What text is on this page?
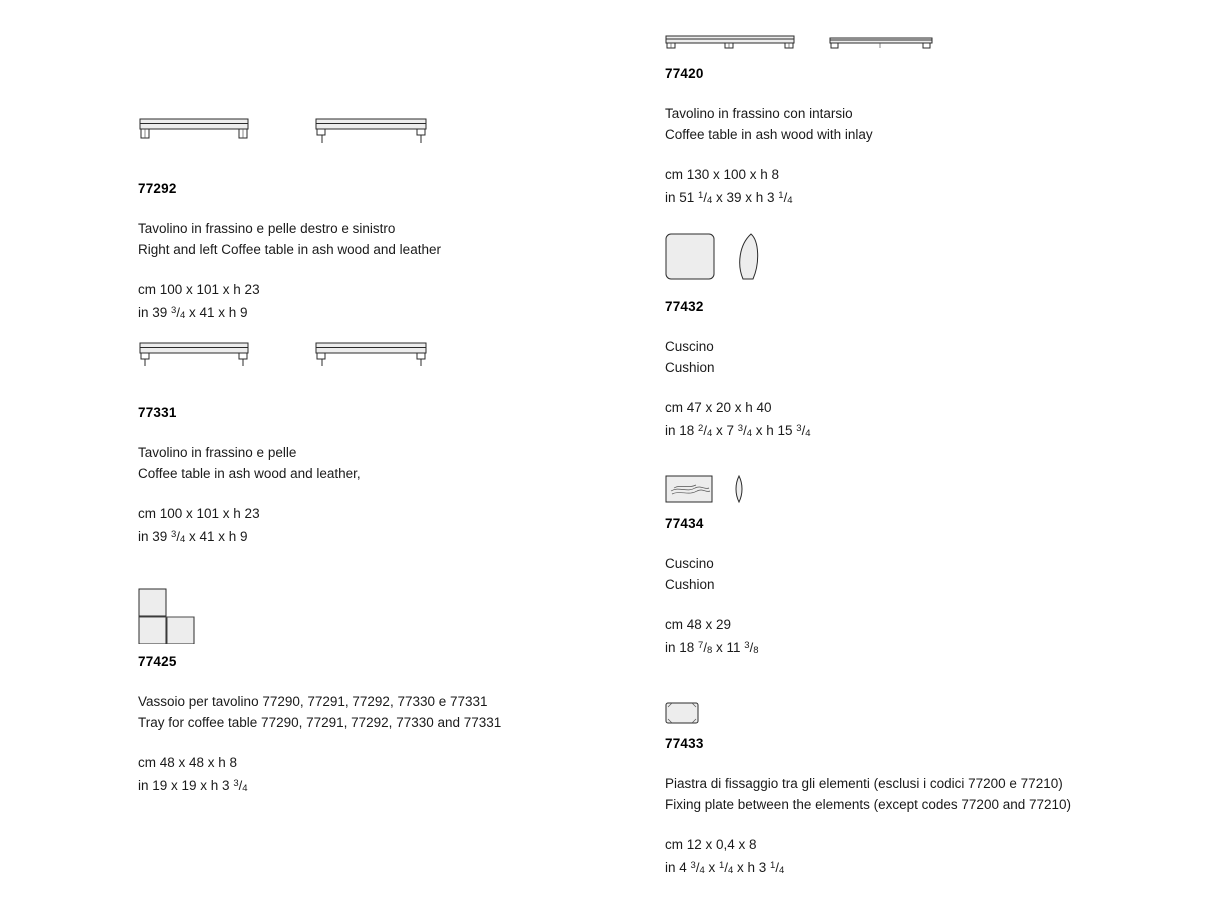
77292

Tavolino in frassino e pelle destro e sinistro

Right and left Coffee table in ash wood and leather

cm 100 x 101 x h 23

in 39 $^3$/4 x 41 x h 9

77331

Tavolino in frassino e pelle

Coffee table in ash wood and leather,

cm 100 x 101 x h 23

in 39 $^3$/4 x 41 x h 9

77425

Vassoio per tavolino 77290, 77291, 77292, 77330 e 77331

Tray for coffee table 77290, 77291, 77292, 77330 and 77331

cm 48 x 48 x h 8

in 19 x 19 x h 3 $^3$/4

77420

Tavolino in frassino con intarsio

Coffee table in ash wood with inlay

cm 130 x 100 x h 8

in 51 $^1$/4 x 39 x h 3 $^1$/4

77432

Cuscino

Cushion

cm 47 x 20 x h 40

in 18 $^2$/4 x 7 $^3$/4 x h 15 $^3$/4

77434

Cuscino

Cushion

cm 48 x 29

in 18 $^7$/8 x 11 $^3$/8

77433

Piastra di fissaggio tra gli elementi (esclusi i codici 77200 e 77210)

Fixing plate between the elements (except codes 77200 and 77210)

cm 12 x 0,4 x 8

in 4 $^3$/4 x $^1$/4 x h 3 $^1$/4
